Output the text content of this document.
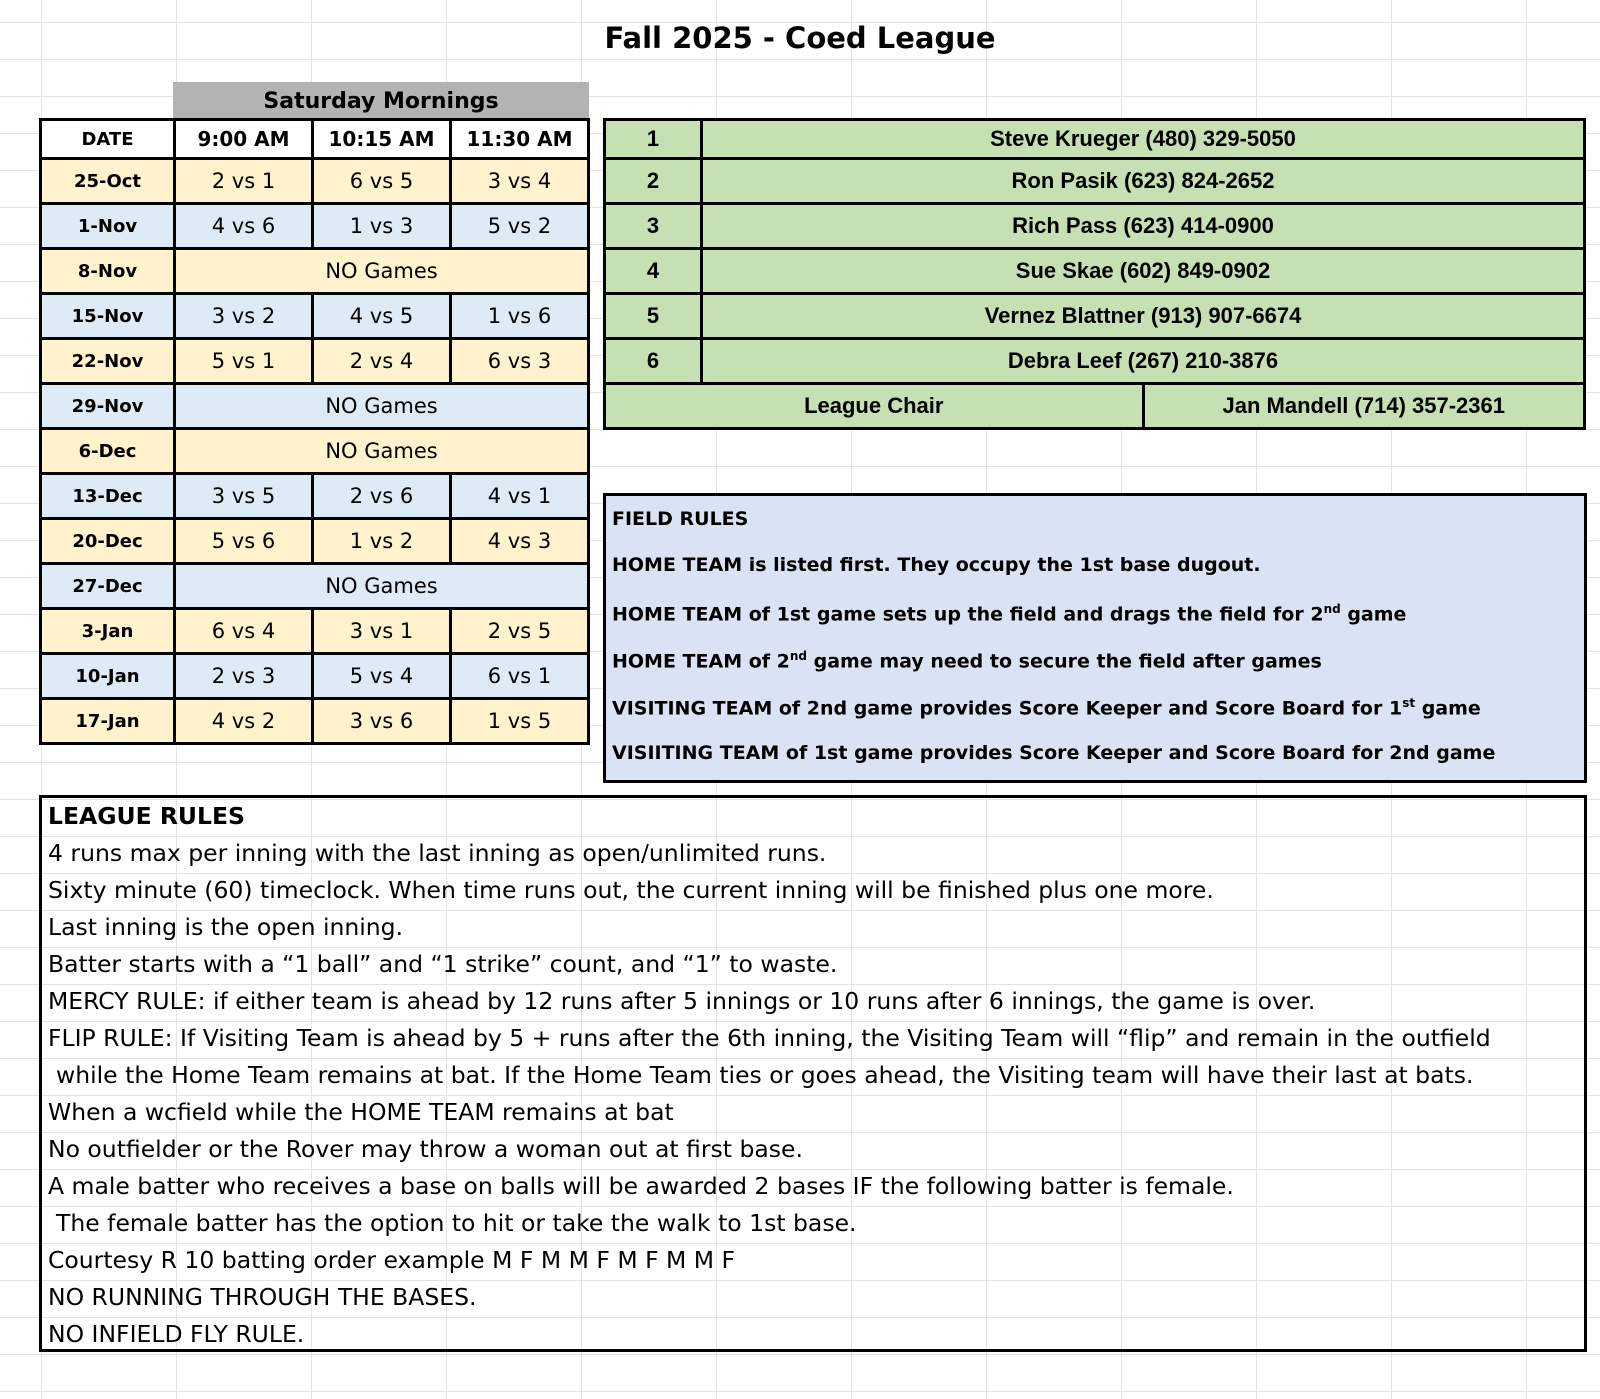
Fall 2025 - Coed League
Saturday Mornings
DATE	9:00 AM	10:15 AM	11:30 AM
25-Oct	2 vs 1	6 vs 5	3 vs 4
1-Nov	4 vs 6	1 vs 3	5 vs 2
8-Nov	NO Games		
15-Nov	3 vs 2	4 vs 5	1 vs 6
22-Nov	5 vs 1	2 vs 4	6 vs 3
29-Nov	NO Games		
6-Dec	NO Games		
13-Dec	3 vs 5	2 vs 6	4 vs 1
20-Dec	5 vs 6	1 vs 2	4 vs 3
27-Dec	NO Games		
3-Jan	6 vs 4	3 vs 1	2 vs 5
10-Jan	2 vs 3	5 vs 4	6 vs 1
17-Jan	4 vs 2	3 vs 6	1 vs 5
1	Steve Krueger (480) 329-5050	
2	Ron Pasik (623) 824-2652	
3	Rich Pass (623) 414-0900	
4	Sue Skae (602) 849-0902	
5	Vernez Blattner (913) 907-6674	
6	Debra Leef (267) 210-3876	
League Chair		Jan Mandell (714) 357-2361
FIELD RULES
HOME TEAM is listed first. They occupy the 1st base dugout.
HOME TEAM of 1st game sets up the field and drags the field for 2nd game
HOME TEAM of 2nd game may need to secure the field after games
VISITING TEAM of 2nd game provides Score Keeper and Score Board for 1st game
VISIITING TEAM of 1st game provides Score Keeper and Score Board for 2nd game
LEAGUE RULES
4 runs max per inning with the last inning as open/unlimited runs.
Sixty minute (60) timeclock. When time runs out, the current inning will be finished plus one more.
Last inning is the open inning.
Batter starts with a “1 ball” and “1 strike” count, and “1” to waste.
MERCY RULE: if either team is ahead by 12 runs after 5 innings or 10 runs after 6 innings, the game is over.
FLIP RULE: If Visiting Team is ahead by 5 + runs after the 6th inning, the Visiting Team will “flip” and remain in the outfield
while the Home Team remains at bat. If the Home Team ties or goes ahead, the Visiting team will have their last at bats.
When a wcfield while the HOME TEAM remains at bat
No outfielder or the Rover may throw a woman out at first base.
A male batter who receives a base on balls will be awarded 2 bases IF the following batter is female.
The female batter has the option to hit or take the walk to 1st base.
Courtesy R 10 batting order example M F M M F M F M M F
NO RUNNING THROUGH THE BASES.
NO INFIELD FLY RULE.
